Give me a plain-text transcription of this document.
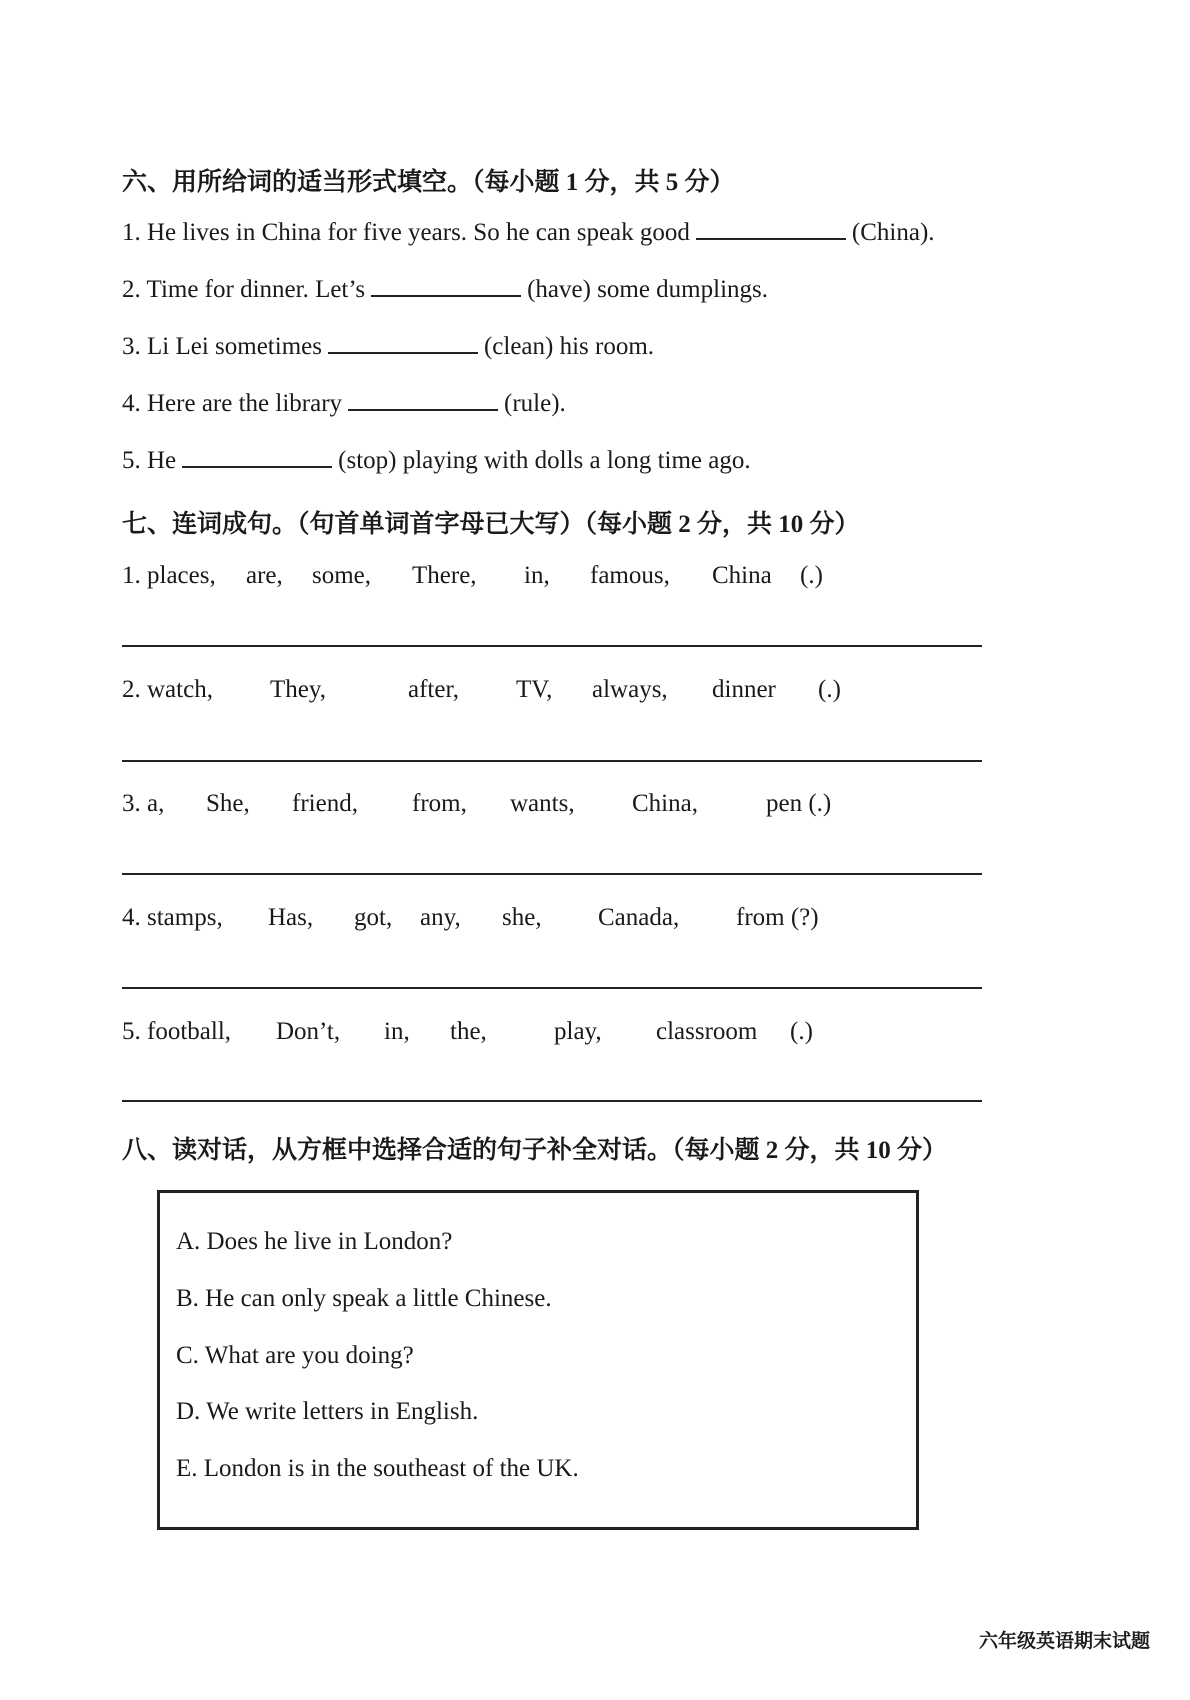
六、用所给词的适当形式填空。（每小题 1 分，共 5 分）
1. He lives in China for five years. So he can speak good	(China).
2. Time for dinner. Let’s	(have) some dumplings.
3. Li Lei sometimes	(clean) his room.
4. Here are the library	(rule).
5. He	(stop) playing with dolls a long time ago.
七、连词成句。（句首单词首字母已大写）（每小题 2 分，共 10 分）
1. places, are, some, There, in, famous, China (.)
2. watch, They,	after, TV, always, dinner (.)
3. a, She, friend, from, wants, China,	pen (.)
4. stamps, Has, got, any, she, Canada, from (?)
5. football, Don’t, in, the,	play, classroom (.)
八、读对话，从方框中选择合适的句子补全对话。（每小题 2 分，共 10 分）
A. Does he live in London?
B. He can only speak a little Chinese.
C. What are you doing?
D. We write letters in English.
E. London is in the southeast of the UK.
六年级英语期末试题
